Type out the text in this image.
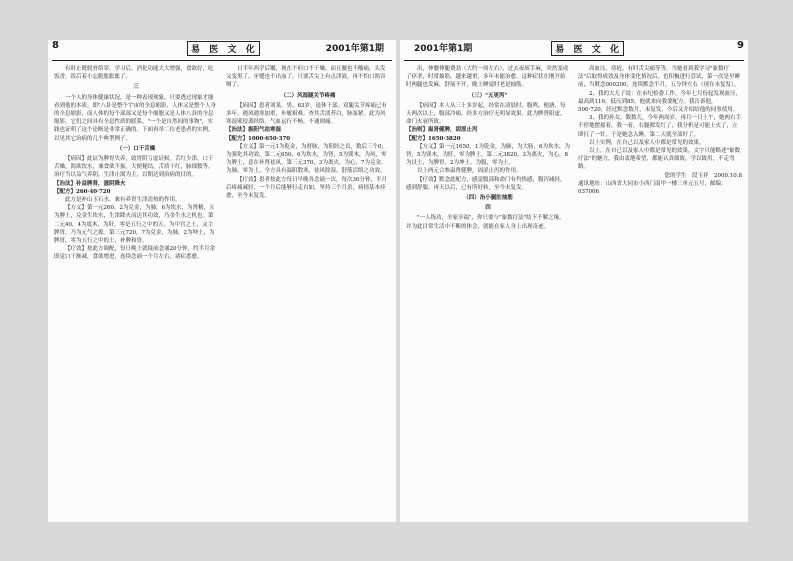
8	易  医  文  化	2001年第1期

有时止既脱骨络穿，学习后，消化功能大大增强，食欲好，吃饭香，饭后着小忘胞胀胀胀了。

三

一个人的身体健康状况，是一种表现现象，只要透过现象才能看到他的本质。即"八卦是整个宇宙的全息缩影，人体又是整个人身的全息缩影，而人体的每个部部又是每个细胞又是人体八卦的全息缩影，它们之间具有全息性质的联系。"一个是自然间的事物"，实践也证明了这个论断是非常正确的。下面再举二位老患者的实例，以见其它治病的几个典型例子。

（一）口干舌燥

【病因】此证为脾胃失养，致胃阴亏虚证候。舌红少津，口干舌燥，渴欲饮水，兼食欲不振。大便秘结，舌质干红，脉细数等。治疗当以益气养阴，生津止渴为主，以期达到治病的目的。

【治法】补益脾肾，滋阴降火

【配方】260·40·720

此方是补山玉石水，兼有养胃生津清热的作用。

【方义】第一元260，2为兑金，为肺，6为坎水，为肾精，五为脾土，兑金生坎水，生津降火而达其功效，乃金生水之机也。第二元40，4为震木，为肝，零是五行之中的五，为中宫之土，又主脾胃，乃为元气之源。第三元720，7为兑金，为肺，2为坤土，为脾胃，零为五行之中的土，补脾和胃。

【疗效】按此方调配，每日晚上就寝前念诵20分钟，约半月余即觉口干渐减，食欲增进，连续念诵一个月左右，诸症悉愈。

日半年西学后嘱，现在不但口不干燥，而且腰也不酸痛，头发又变黑了，牙缝也不出血了，只要舌尖上有点津液，再不怕口渴吞咽了。

（二）风湿腿关节疼痛

【病因】患者刘某，男，63岁，退休干部。双腿关节疼痛已有多年，遇风遇寒加重，步履艰难。查其舌淡苔白，脉弦紧。此为风寒湿邪侵袭经络，气血运行不畅，不通则痛。

【治法】振阳气祛寒湿

【配方】1000·650·370

【方义】第一元1为乾金，为督脉，为阳经之首，数后三个0，为强化其功效。第二元650，6为坎水，为肾，5为巽木，为风，零为脾土，意在补肾祛风。第三元370，3为离火，为心，7为兑金，为肺，零为土。全方具有温阳散寒，祛风除湿，舒筋活络之功效。

【疗效】患者按此方每日早晚各念诵一次，每次30分钟，半月后疼痛减轻，一个月后能够行走自如，坚持三个月余，病情基本痊愈，至今未复发。

2001年第1期	易  医  文  化	9

出，伸腰伸腿费劲（大约一周左右），过去夜间手麻，突然变成了痉挛，时常抽筋，越来越重，多年未能治愈。这种症状在刚开始时两腿也发麻，舒展不开，晚上睡觉时老是抽筋。

（三）"五更泻"

【病因】本人从三十多岁起，经常在凌晨时，腹鸣，便溏，每天两次以上，腹部冷痛，经多方治疗无明显效果。此为脾肾阳虚，命门火衰所致。

【治则】温肾健脾，固涩止泻

【配方】1650·3820

【方义】第一元1650，1为乾金，为肺，为大肠，6为坎水，为肾，5为巽木，为肝，零为脾土。第二元3820，3为离火，为心，8为艮土，为脾胃，2为坤土，为腹，零为土。

以上两元合参温肾健脾，固涩止泻的作用。

【疗效】默念此配方，感觉腹部和命门有灼热感，腹泻减轻，感到舒服。再天以后，已有所好转，至今未复发。

（四）治小腿肚抽筋

四

"一人练功，全家享福"，你只要与"象数疗法"结下不解之缘，并为此目常生活中不断的体会，就能在家人身上出现奇迹。

高血压、痔疮、有时舌尖痛等等，当她看到我学习"象数疗法"后取得成效及身体变化情况后，也积极进行尝试，第一次是早睡前，当默念000200，连续默念半月，五分钟左右（现在未复发）。

2、我的大儿子说：在市纪检委工作，今年七月份起发现血压，最高到110，低压到85。他就来向我要配方。我告诉他，500·720，经过默念数月，未复发，今后又介绍给他的同事使用。

3、我的孙女，数数儿，今年两周岁，再月一日上午，她两右手不停地摆摇着，我一看，右腿都发红了，我分析是可能上火了，立即打了一针，于是她念入睡，第二天就全部好了。

以上实例，在自己以及家人中都是常见的效果。

以上，在自己以及家人中都是常见的效果，文字只能略述"象数疗法"的魅力，我由衷地希望，都能认真细致，学以致用，不走弯路。

您的学生　段玉祥　2000.10.8

通讯地址：山西省大同市小西门南甲一楼三单元五号，邮编：037006
